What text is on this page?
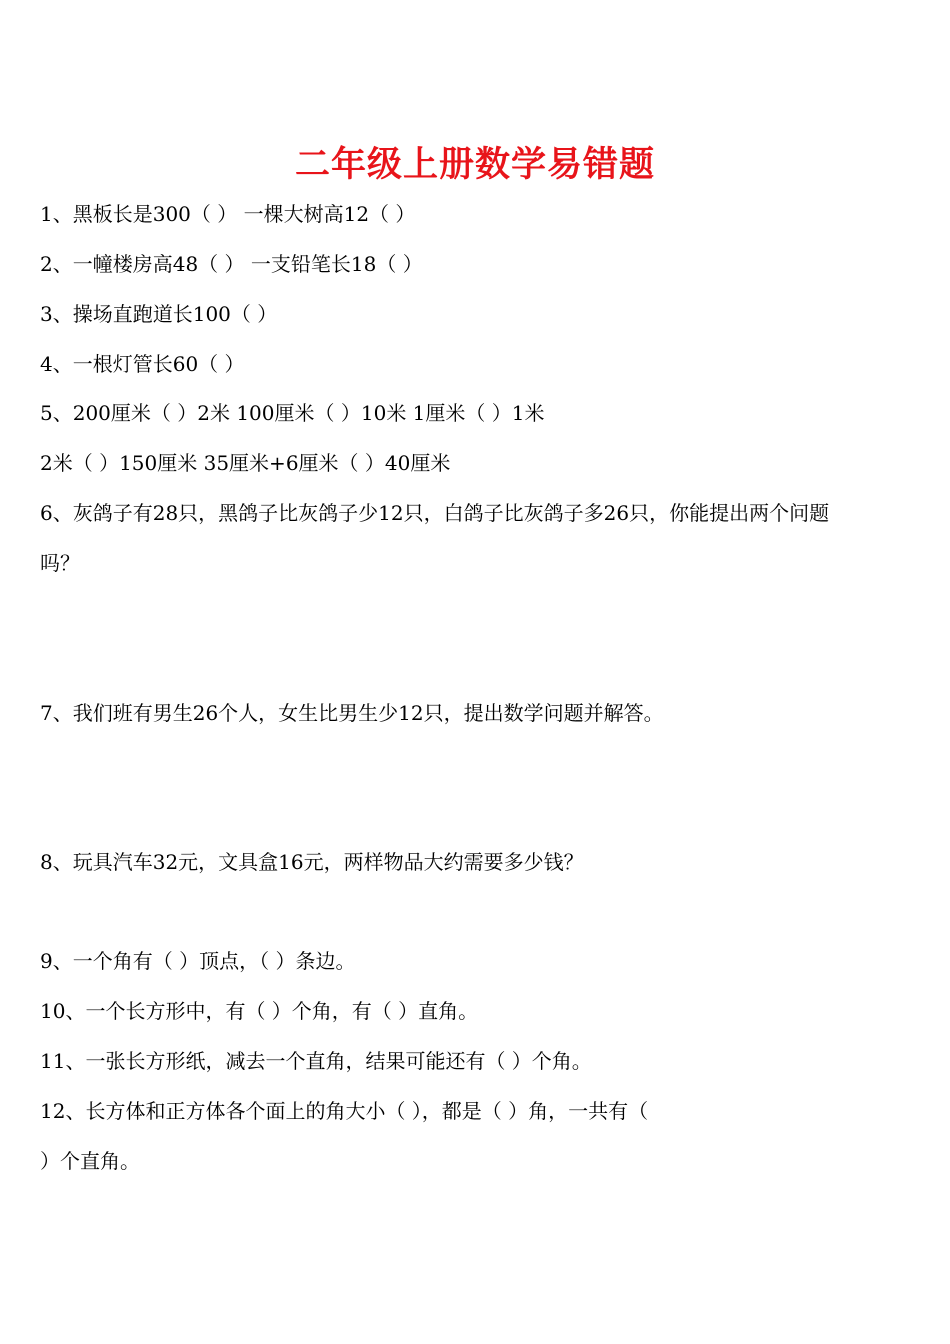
二年级上册数学易错题
1、黑板长是300（ ） 一棵大树高12（ ）
2、一幢楼房高48（ ） 一支铅笔长18（ ）
3、操场直跑道长100（ ）
4、一根灯管长60（ ）
5、200厘米（ ）2米 100厘米（ ）10米 1厘米（ ）1米
2米（ ）150厘米 35厘米+6厘米（ ）40厘米
6、灰鸽子有28只，黑鸽子比灰鸽子少12只，白鸽子比灰鸽子多26只，你能提出两个问题
吗？
7、我们班有男生26个人，女生比男生少12只，提出数学问题并解答。
8、玩具汽车32元，文具盒16元，两样物品大约需要多少钱？
9、一个角有（ ）顶点，（ ）条边。
10、一个长方形中，有（ ）个角，有（ ）直角。
11、一张长方形纸，减去一个直角，结果可能还有（ ）个角。
12、长方体和正方体各个面上的角大小（ ），都是（ ）角，一共有（
）个直角。
